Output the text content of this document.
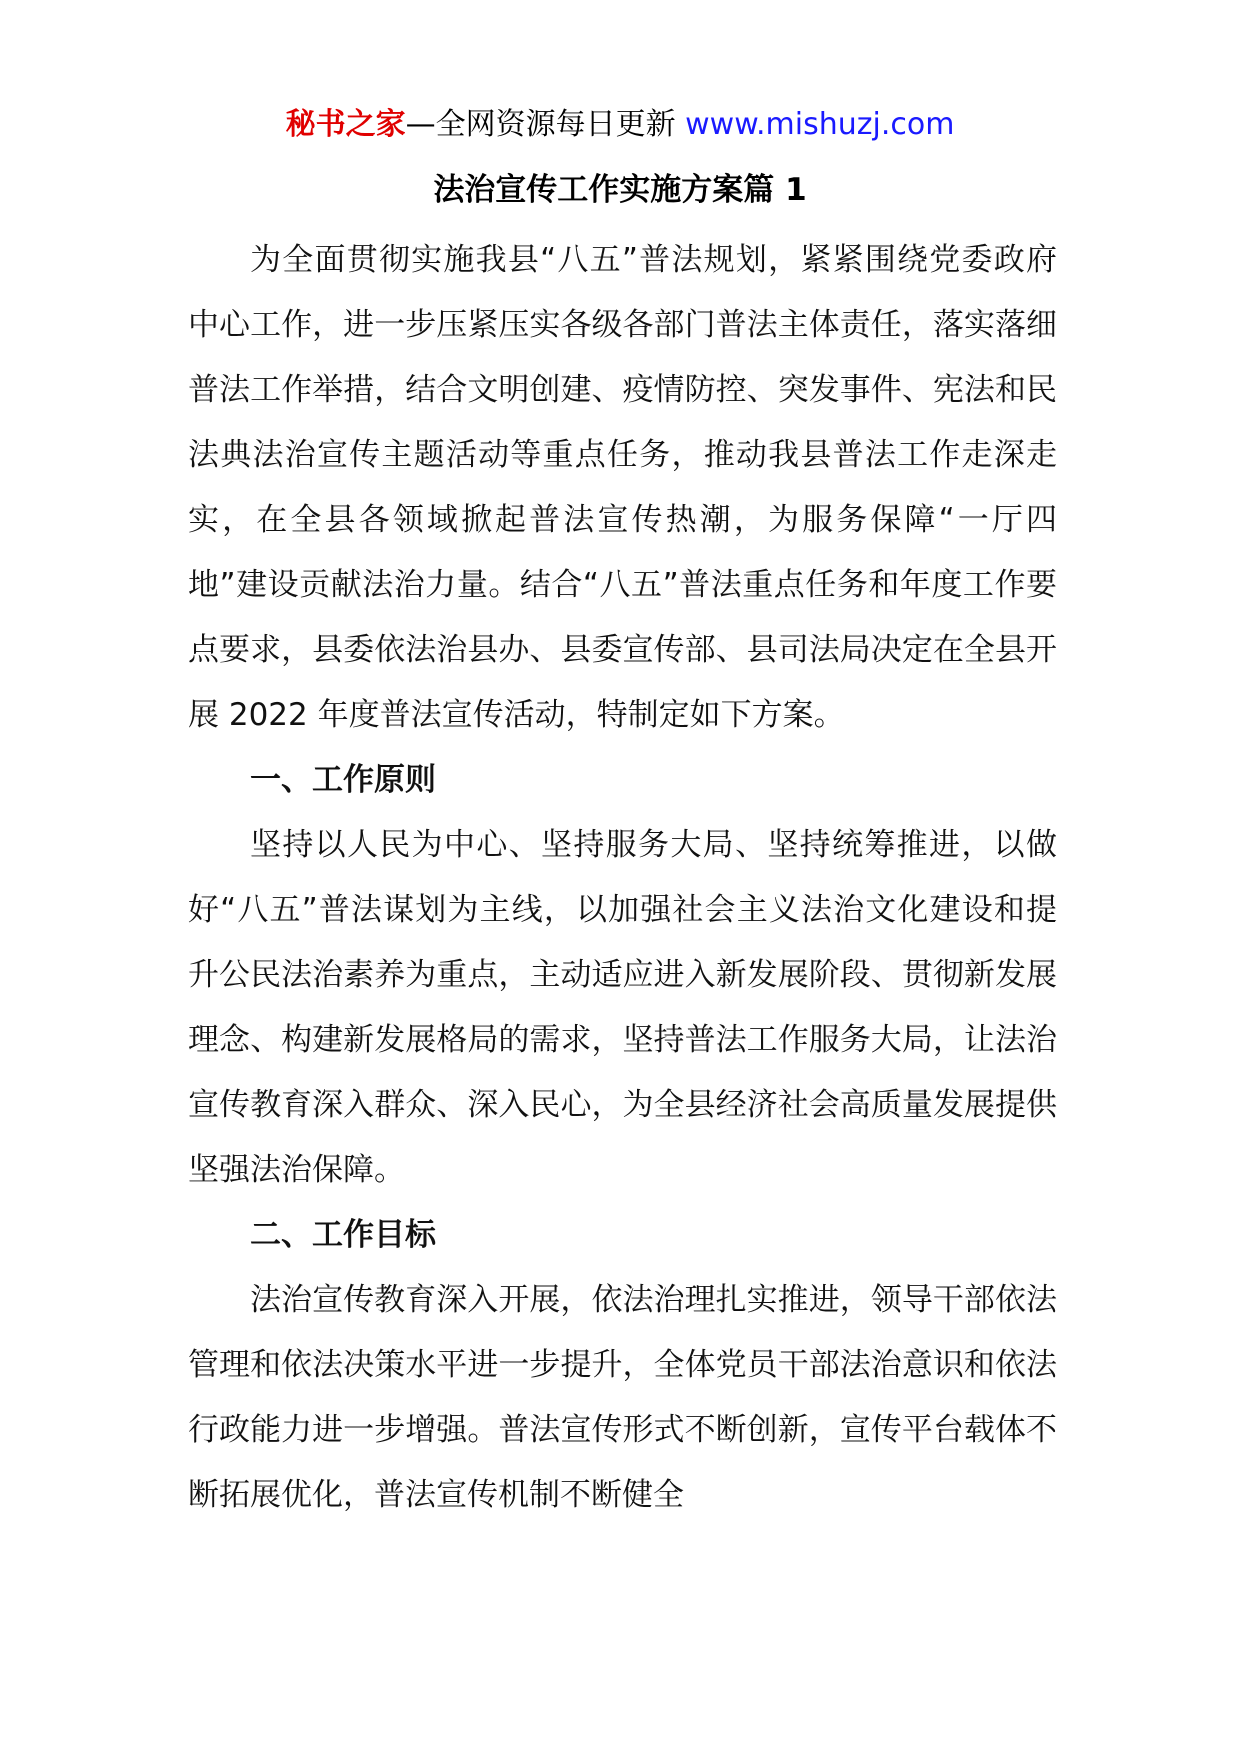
秘书之家—全网资源每日更新 www.mishuzj.com
法治宣传工作实施方案篇 1

为全面贯彻实施我县“八五”普法规划，紧紧围绕党委政府中心工作，进一步压紧压实各级各部门普法主体责任，落实落细普法工作举措，结合文明创建、疫情防控、突发事件、宪法和民法典法治宣传主题活动等重点任务，推动我县普法工作走深走实，在全县各领域掀起普法宣传热潮，为服务保障“一厅四地”建设贡献法治力量。结合“八五”普法重点任务和年度工作要点要求，县委依法治县办、县委宣传部、县司法局决定在全县开展 2022 年度普法宣传活动，特制定如下方案。

一、工作原则

坚持以人民为中心、坚持服务大局、坚持统筹推进，以做好“八五”普法谋划为主线，以加强社会主义法治文化建设和提升公民法治素养为重点，主动适应进入新发展阶段、贯彻新发展理念、构建新发展格局的需求，坚持普法工作服务大局，让法治宣传教育深入群众、深入民心，为全县经济社会高质量发展提供坚强法治保障。

二、工作目标

法治宣传教育深入开展，依法治理扎实推进，领导干部依法管理和依法决策水平进一步提升，全体党员干部法治意识和依法行政能力进一步增强。普法宣传形式不断创新，宣传平台载体不断拓展优化，普法宣传机制不断健全
